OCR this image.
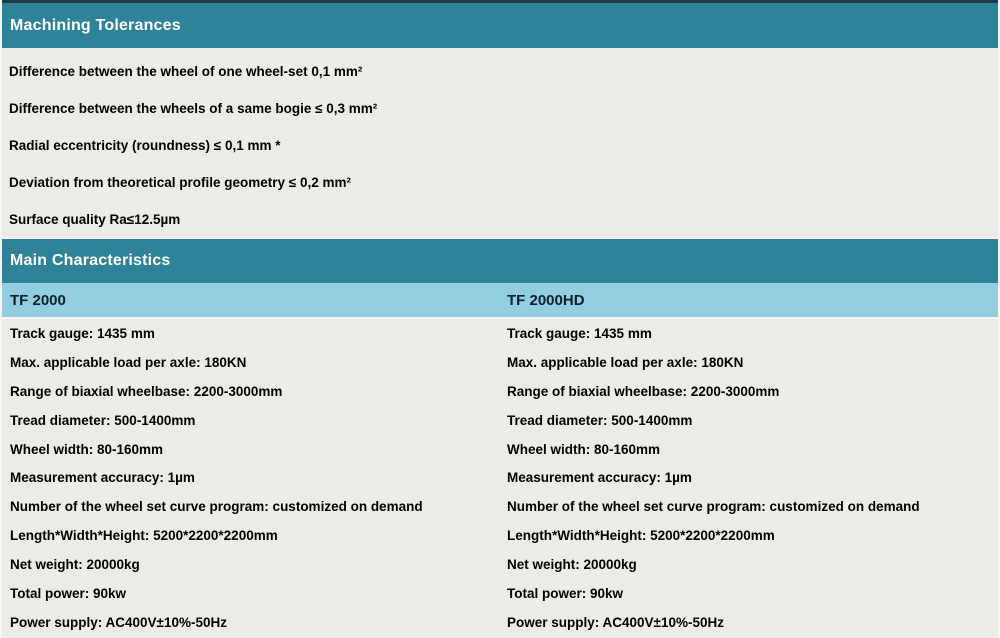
Machining Tolerances
Difference between the wheel of one wheel-set 0,1 mm²
Difference between the wheels of a same bogie ≤ 0,3 mm²
Radial eccentricity (roundness) ≤ 0,1 mm *
Deviation from theoretical profile geometry ≤ 0,2 mm²
Surface quality Ra≤12.5µm
Main Characteristics
TF 2000	TF 2000HD
Track gauge: 1435 mm
Max. applicable load per axle: 180KN
Range of biaxial wheelbase: 2200-3000mm
Tread diameter: 500-1400mm
Wheel width: 80-160mm
Measurement accuracy: 1µm
Number of the wheel set curve program: customized on demand
Length*Width*Height: 5200*2200*2200mm
Net weight: 20000kg
Total power: 90kw
Power supply: AC400V±10%-50Hz
Track gauge: 1435 mm
Max. applicable load per axle: 180KN
Range of biaxial wheelbase: 2200-3000mm
Tread diameter: 500-1400mm
Wheel width: 80-160mm
Measurement accuracy: 1µm
Number of the wheel set curve program: customized on demand
Length*Width*Height: 5200*2200*2200mm
Net weight: 20000kg
Total power: 90kw
Power supply: AC400V±10%-50Hz
